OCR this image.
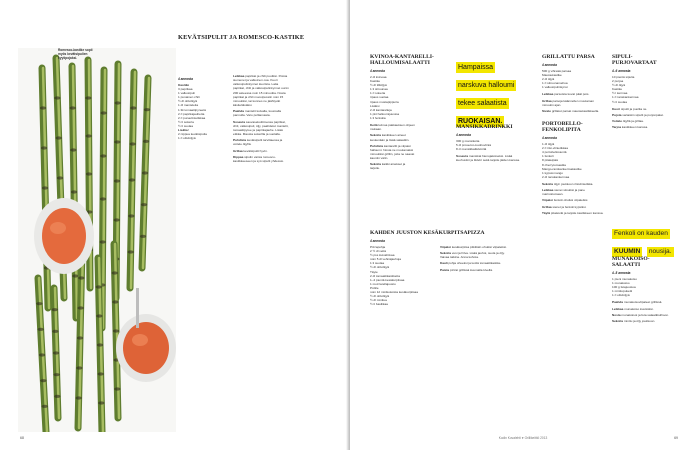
Romesco-kastike sopii myös kevätsipulien kyytipojaksi.
KEVÄTSIPULIT JA ROMESCO-KASTIKE
4 annosta
Kastike
3 paprikaa
1 valkosipuli
1 punainen chili
½ dl oliiviöljyä
1 dl manteleita
1 tlk tomaattipyreetä
2 rl paprikajauhetta
2 rl punaviinietikkaa
½ tl sokeria
½ tl suolaa
Lisäksi
2 nippua kevätsipulia
1 rl oliiviöljyä

Leikkaa paprikat ja chili puoliksi. Poista siemenet ja valkoinen osa. Kuori valkosipulinkynnet kuorista. Laita paprikat, chili ja valkosipulinkynnet uunin 200 asteessa noin 15 minuuttia. Nosta paprikat ja chili muovipussiin noin 15 minuutiksi, tai kunnes ne jäähtyvät käsiteltäväksi.

Paahda mantelit kuivalla, kuumalla pannulla. Varo polttamasta.

Soseuta sauvasekoittimessa paprikat, chili, valkosipuli, öljy, paahdetut mantelit, tomaattipyree ja paprikajauhe. Lisää etikka. Mausta sokerilla ja suolalla.

Puhdista kevätsipulit tarvittaessa ja voitele öljyllä.

Grillaa kevätsipulit hyvin.

Dippaa sipulin varsia romesco-kastikkeeseen ja syö sipulit yhdessä.

68
KVINOA-KANTARELLI-HALLOUMISALAATTI
4 annosta
2 dl kvinoaa
Kastike
½ dl tilliöljyä
1 tl sitruunaa
1 rl sokeria
ripaus suolaa
ripaus mustapippuria
Lisäksi
2 dl kantarelleja
1 pkt halloumijuustoa
1 tl fenkolia

Keitä kvinoa pakkauksen ohjeen mukaan.

Sekoita kastikkeen aineet keskenään ja lisää salaattiin.

Puhdista kantarellit ja viipaloi halloumi. Nosta ne muutamaksi minuutiksi grilliin, joita ne saavat kauniin värin.

Sekoita kaikki ainekset ja tarjoile.

Hampaissa
narskuva halloumi
tekee salaatista
RUOKAISAN.
MANSIKKADRINKKI
4 annosta
300 g mansikoita
5 dl prosecco-kuohuviiniä
8 cl mansikkaliköööriä

Soseuta mansikat hienojakoiseksi. Lisää kuohuviini ja likööri sekä tarjoile jäiden kanssa.

KAHDEN JUUSTON KESÄKURPITSAPIZZA
4 annosta
Pizzapohja
2 ½ dl vettä
½ pss kuivahiivaa
noin 5 dl vehnäjauhoja
1 tl suolaa
½ dl oliiviöljyä
Täyte
2 dl tomaattikastiketta
1–2 pientä kesäkurpitsaa
1 mozzarellajuusto
Pöölle
noin 12 minikokoista kesäkurpitsaa
½ dl oliiviöljyä
½ dl minttua
½ tl basilikaa

Viipaloi kesäkurpitsa pitkittäin ohuiksi viipaleiksi.

Sekoita vesi ja hiiva. Lisää jauhot, suola ja öljy. Vaivaa taikina. Anna kohota.

Kauli pohja ohueksi ja levitä tomaattikastike.

Paista pizzat grillissä kuumalla kivellä.

GRILLATTU PARSA
4 annosta
500 g vihreää parsaa
Maustekastike
2 dl öljyä
1 rl sitruunamehua
1 valkosipulinkynsi

Leikkaa parsoista kovat päät pois.

Grillaa parsoja käännellen muutaman minuutin ajan.

Sivele grillatut parsat maustekastikkeella.

PORTOBELLO-FENKOLIPITA
4 annosta
1 dl öljyä
2 rl riisi-viinietikkaa
4 portobellosientä
1 fenkoli
8 pitaleipää
8 cherrytomaattia
Mango-ranskankermakastike
1 kypsä mango
2 dl ranskankermaa

Sekoita öljyn joukkoon riisiviinietikka.

Leikkaa sienet siivuiksi ja pane marinoitumaan.

Viipaloi fenkoli ohuiksi viipaleiksi.

Grillaa sienet ja fenkoli kypsiksi.

Täytä pitaleivät ja tarjoile kastikkeen kanssa.

SIPULI-PURJOVARTAAT
4–6 annosta
10 pientä sipulia
2 purjoa
½ dl öljyä
Kastike
½ l kermaa
1 rl ranskankermaa
½ tl suolaa

Kuori sipulit ja puolita ne.

Pujota vartaisiin sipulit ja purjonpalat.

Voitele öljyllä ja grillaa.

Tarjoa kastikkeen kanssa.

Fenkoli on kauden
KUUMIN nousija.
MUNAKOISO-SALAATTI
4–5 annosta
1 pieni munakoiso
1 munakoiso
100 g fetajuustoa
1 minttupuketti
1 rl oliiviöljyä

Paahda munakoisoviipaleet grillissä.

Leikkaa munakoiso kuutioiksi.

Nosta munakoisot ja feta salaattikulhoon.

Sekoita minttu ja öljy joukkoon.

Kodin Kuvalehti ♥ Grillikeittiö 2013	69
